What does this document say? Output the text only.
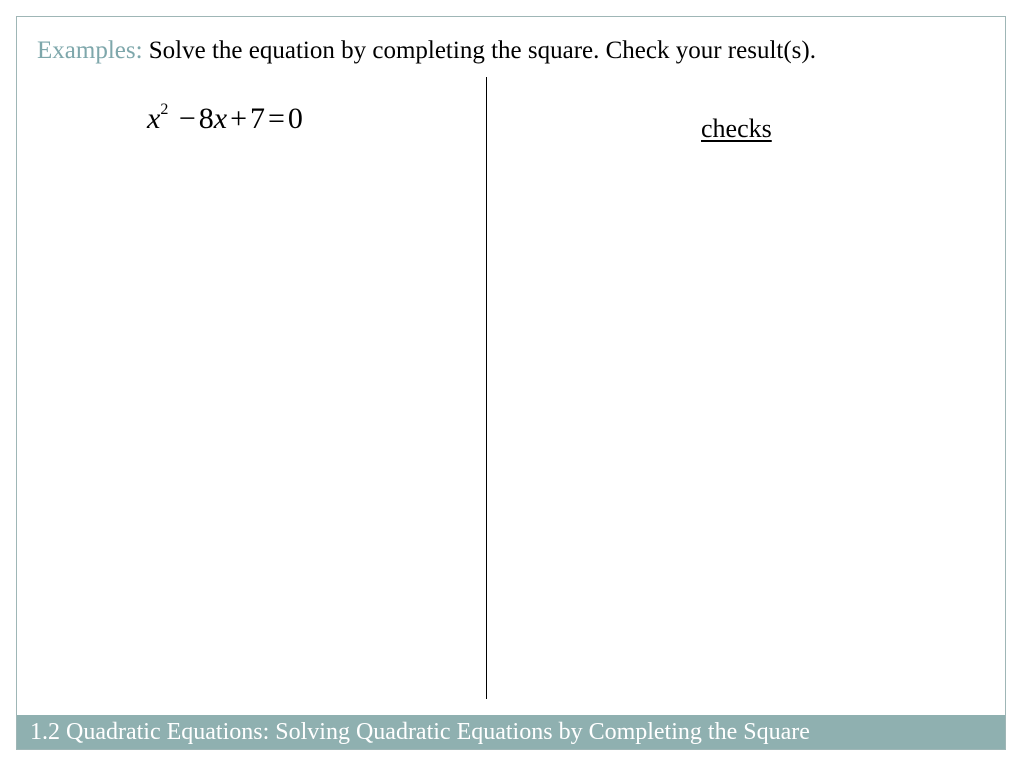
Examples: Solve the equation by completing the square. Check your result(s).
$x^2 - 8x + 7 = 0$	checks
1.2 Quadratic Equations: Solving Quadratic Equations by Completing the Square
